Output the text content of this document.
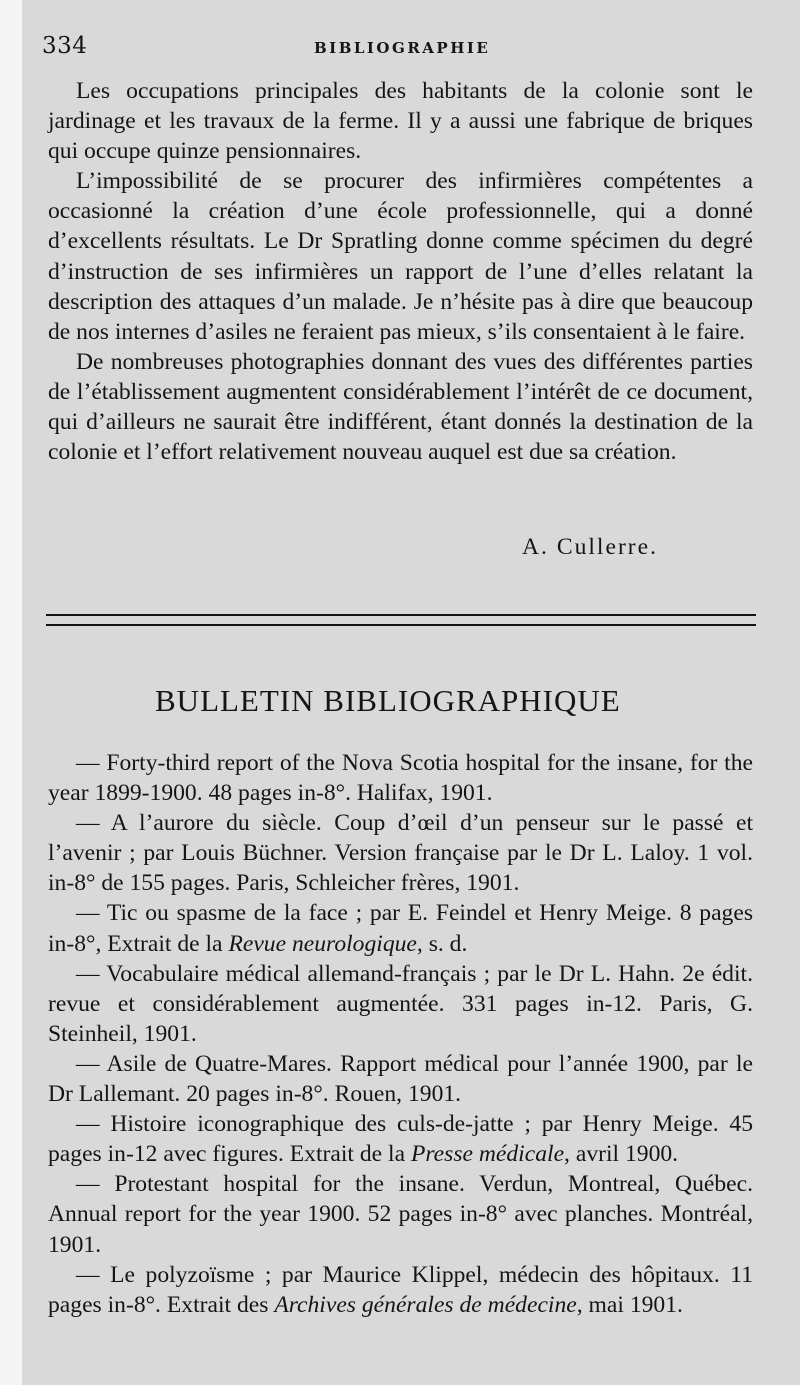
334	BIBLIOGRAPHIE

Les occupations principales des habitants de la colonie sont le jardinage et les travaux de la ferme. Il y a aussi une fabrique de briques qui occupe quinze pensionnaires.

L’impossibilité de se procurer des infirmières compétentes a occasionné la création d’une école professionnelle, qui a donné d’excellents résultats. Le Dr Spratling donne comme spécimen du degré d’instruction de ses infirmières un rapport de l’une d’elles relatant la description des attaques d’un malade. Je n’hésite pas à dire que beaucoup de nos internes d’asiles ne feraient pas mieux, s’ils consentaient à le faire.

De nombreuses photographies donnant des vues des différentes parties de l’établissement augmentent considérablement l’intérêt de ce document, qui d’ailleurs ne saurait être indifférent, étant donnés la destination de la colonie et l’effort relativement nouveau auquel est due sa création.

A. Cullerre.
BULLETIN BIBLIOGRAPHIQUE

— Forty-third report of the Nova Scotia hospital for the insane, for the year 1899-1900. 48 pages in-8°. Halifax, 1901.

— A l’aurore du siècle. Coup d’œil d’un penseur sur le passé et l’avenir ; par Louis Büchner. Version française par le Dr L. Laloy. 1 vol. in-8° de 155 pages. Paris, Schleicher frères, 1901.

— Tic ou spasme de la face ; par E. Feindel et Henry Meige. 8 pages in-8°, Extrait de la Revue neurologique, s. d.

— Vocabulaire médical allemand-français ; par le Dr L. Hahn. 2e édit. revue et considérablement augmentée. 331 pages in-12. Paris, G. Steinheil, 1901.

— Asile de Quatre-Mares. Rapport médical pour l’année 1900, par le Dr Lallemant. 20 pages in-8°. Rouen, 1901.

— Histoire iconographique des culs-de-jatte ; par Henry Meige. 45 pages in-12 avec figures. Extrait de la Presse médicale, avril 1900.

— Protestant hospital for the insane. Verdun, Montreal, Québec. Annual report for the year 1900. 52 pages in-8° avec planches. Montréal, 1901.

— Le polyzoïsme ; par Maurice Klippel, médecin des hôpitaux. 11 pages in-8°. Extrait des Archives générales de médecine, mai 1901.
